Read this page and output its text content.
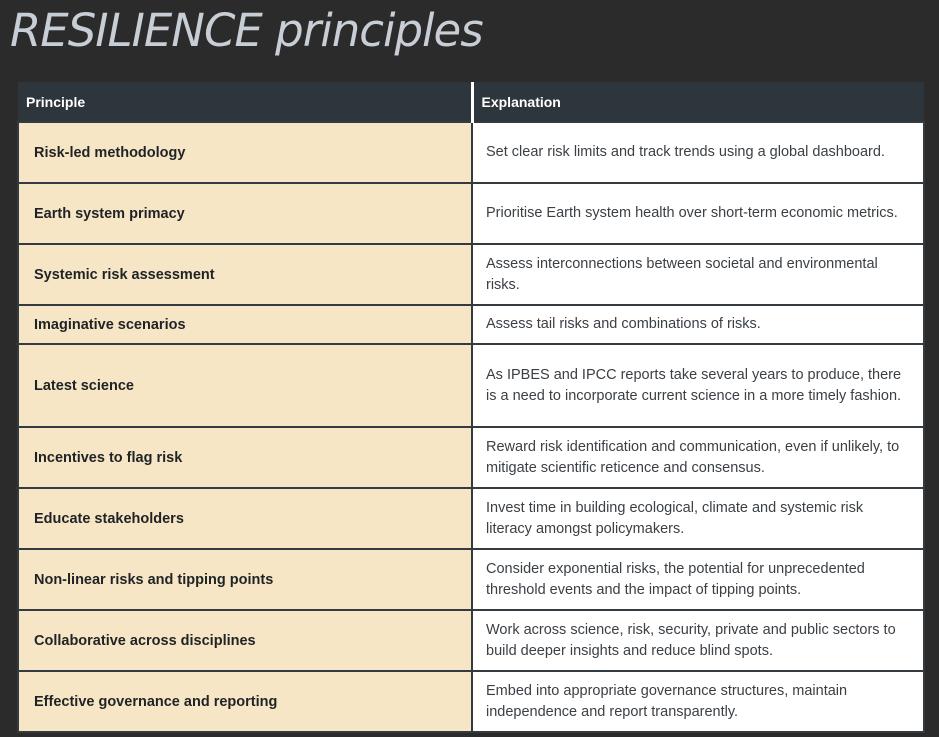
RESILIENCE principles
Principle	Explanation
Risk-led methodology	Set clear risk limits and track trends using a global dashboard.
Earth system primacy	Prioritise Earth system health over short-term economic metrics.
Systemic risk assessment	Assess interconnections between societal and environmental risks.
Imaginative scenarios	Assess tail risks and combinations of risks.
Latest science	As IPBES and IPCC reports take several years to produce, there is a need to incorporate current science in a more timely fashion.
Incentives to flag risk	Reward risk identification and communication, even if unlikely, to mitigate scientific reticence and consensus.
Educate stakeholders	Invest time in building ecological, climate and systemic risk literacy amongst policymakers.
Non-linear risks and tipping points	Consider exponential risks, the potential for unprecedented threshold events and the impact of tipping points.
Collaborative across disciplines	Work across science, risk, security, private and public sectors to build deeper insights and reduce blind spots.
Effective governance and reporting	Embed into appropriate governance structures, maintain independence and report transparently.
